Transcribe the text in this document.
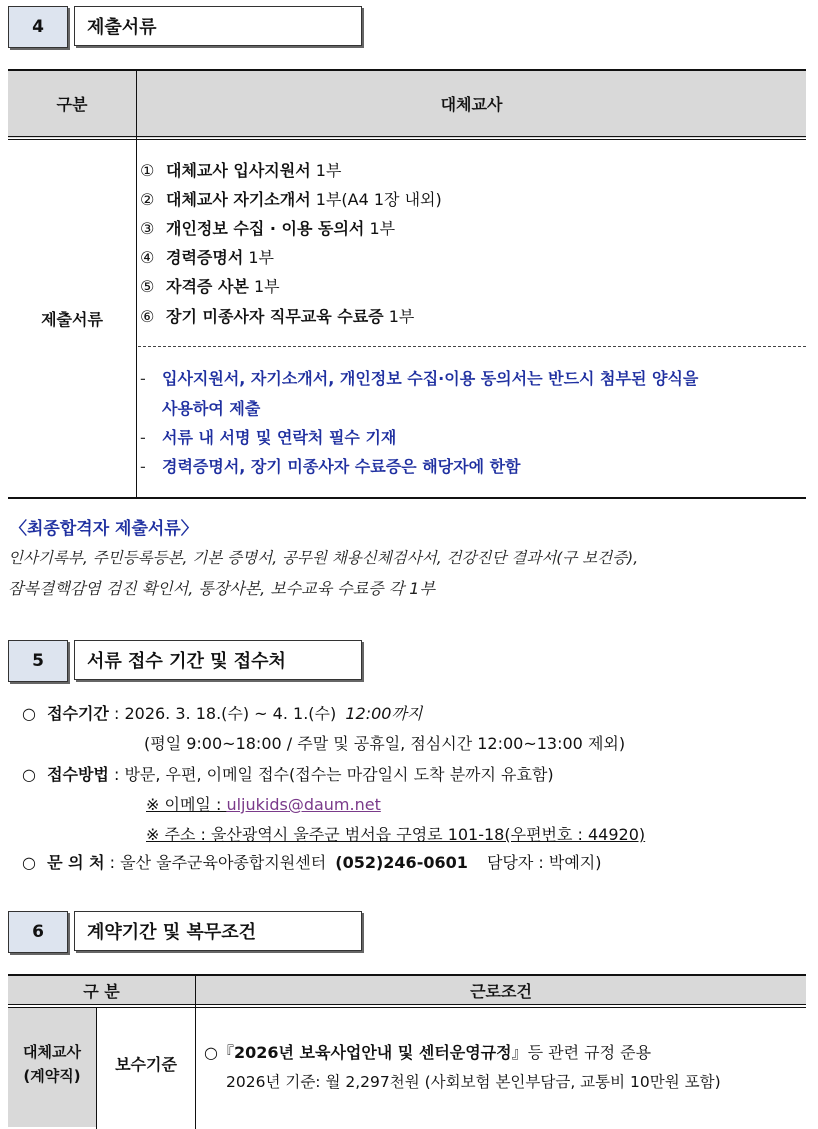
4 제출서류
구분	대체교사
제출서류
① 대체교사 입사지원서 1부
② 대체교사 자기소개서 1부(A4 1장 내외)
③ 개인정보 수집 · 이용 동의서 1부
④ 경력증명서 1부
⑤ 자격증 사본 1부
⑥ 장기 미종사자 직무교육 수료증 1부
- 입사지원서, 자기소개서, 개인정보 수집·이용 동의서는 반드시 첨부된 양식을
사용하여 제출
- 서류 내 서명 및 연락처 필수 기재
- 경력증명서, 장기 미종사자 수료증은 해당자에 한함
〈최종합격자 제출서류〉
인사기록부, 주민등록등본, 기본 증명서, 공무원 채용신체검사서, 건강진단 결과서(구 보건증),
잠복결핵감염 검진 확인서, 통장사본, 보수교육 수료증 각 1부
5 서류 접수 기간 및 접수처
○ 접수기간 : 2026. 3. 18.(수) ~ 4. 1.(수) 12:00까지
(평일 9:00~18:00 / 주말 및 공휴일, 점심시간 12:00~13:00 제외)
○ 접수방법 : 방문, 우편, 이메일 접수(접수는 마감일시 도착 분까지 유효함)
※ 이메일 : uljukids@daum.net
※ 주소 : 울산광역시 울주군 범서읍 구영로 101-18(우편번호 : 44920)
○ 문 의 처 : 울산 울주군육아종합지원센터 (052)246-0601 담당자 : 박예지)
6 계약기간 및 복무조건
구 분	근로조건
대체교사
(계약직)
보수기준
○『2026년 보육사업안내 및 센터운영규정』등 관련 규정 준용
2026년 기준: 월 2,297천원 (사회보험 본인부담금, 교통비 10만원 포함)
